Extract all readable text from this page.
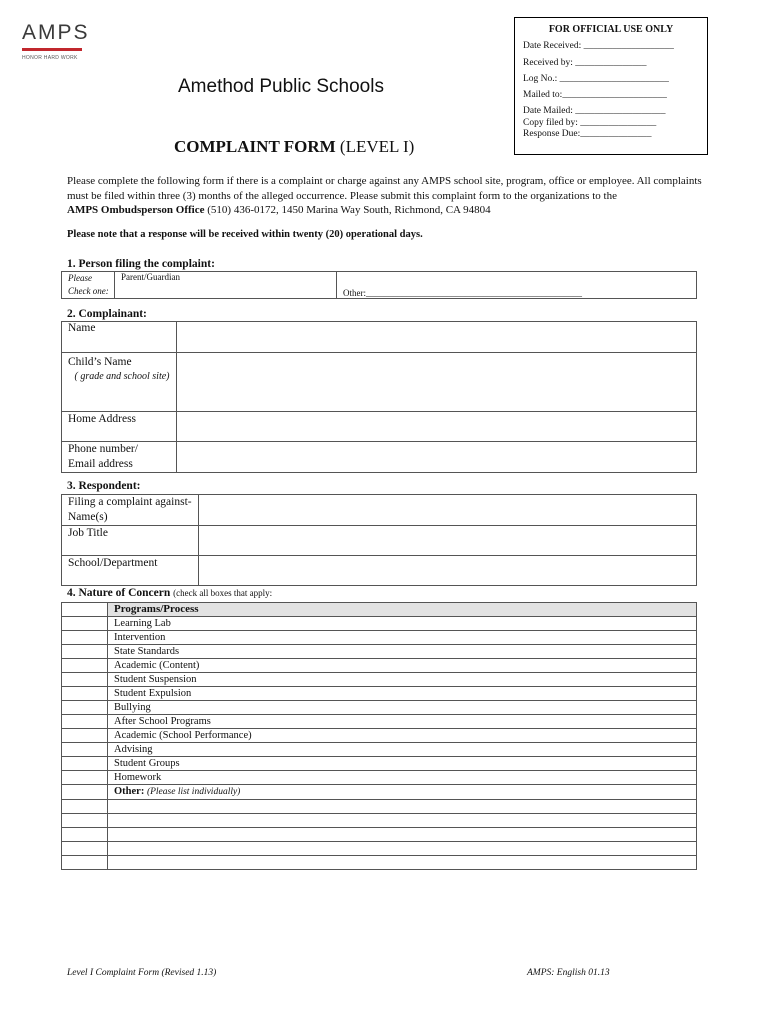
AMPS
HONOR HARD WORK
FOR OFFICIAL USE ONLY
Date Received: ___________________
Received by: _______________
Log No.: _______________________
Mailed to:______________________
Date Mailed: ___________________
Copy filed by: ________________
Response Due:_______________
Amethod Public Schools
COMPLAINT FORM (LEVEL I)
Please complete the following form if there is a complaint or charge against any AMPS school site, program, office or employee. All complaints must be filed within three (3) months of the alleged occurrence. Please submit this complaint form to the organizations to the
AMPS Ombudsperson Office (510) 436-0172, 1450 Marina Way South, Richmond, CA 94804
Please note that a response will be received within twenty (20) operational days.
1. Person filing the complaint:
Please
Check one:	Parent/Guardian	Other:________________________________________________
2. Complainant:
Name	

Child’s Name
( grade and school site)	

Home Address	

Phone number/
Email address	
3. Respondent:
Filing a complaint against- Name(s)	

Job Title	

School/Department	

4. Nature of Concern (check all boxes that apply:
	Programs/Process
	Learning Lab
	Intervention
	State Standards
	Academic (Content)
	Student Suspension
	Student Expulsion
	Bullying
	After School Programs
	Academic (School Performance)
	Advising
	Student Groups
	Homework
	Other: (Please list individually)

Level I Complaint Form (Revised 1.13)	AMPS: English 01.13
